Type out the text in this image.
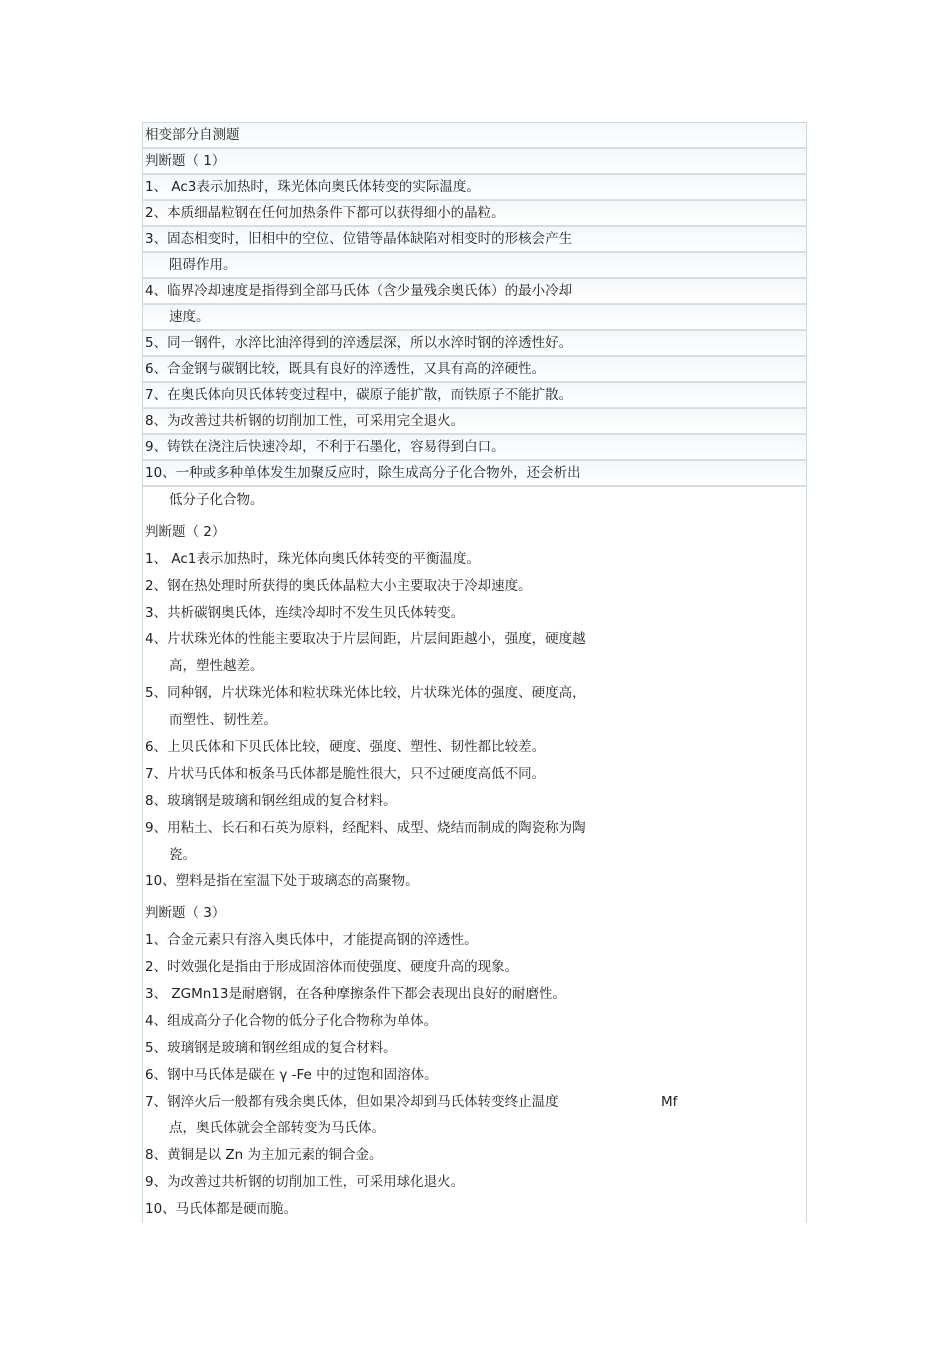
相变部分自测题
判断题（ 1）
1、 Ac3表示加热时，珠光体向奥氏体转变的实际温度。
2、本质细晶粒钢在任何加热条件下都可以获得细小的晶粒。
3、固态相变时，旧相中的空位、位错等晶体缺陷对相变时的形核会产生
阻碍作用。
4、临界冷却速度是指得到全部马氏体（含少量残余奥氏体）的最小冷却
速度。
5、同一钢件，水淬比油淬得到的淬透层深，所以水淬时钢的淬透性好。
6、合金钢与碳钢比较，既具有良好的淬透性，又具有高的淬硬性。
7、在奥氏体向贝氏体转变过程中，碳原子能扩散，而铁原子不能扩散。
8、为改善过共析钢的切削加工性，可采用完全退火。
9、铸铁在浇注后快速冷却，不利于石墨化，容易得到白口。
10、一种或多种单体发生加聚反应时，除生成高分子化合物外，还会析出
低分子化合物。
判断题（ 2）
1、 Ac1表示加热时，珠光体向奥氏体转变的平衡温度。
2、钢在热处理时所获得的奥氏体晶粒大小主要取决于冷却速度。
3、共析碳钢奥氏体，连续冷却时不发生贝氏体转变。
4、片状珠光体的性能主要取决于片层间距，片层间距越小，强度，硬度越
高，塑性越差。
5、同种钢，片状珠光体和粒状珠光体比较，片状珠光体的强度、硬度高，
而塑性、韧性差。
6、上贝氏体和下贝氏体比较，硬度、强度、塑性、韧性都比较差。
7、片状马氏体和板条马氏体都是脆性很大，只不过硬度高低不同。
8、玻璃钢是玻璃和钢丝组成的复合材料。
9、用粘土、长石和石英为原料，经配料、成型、烧结而制成的陶瓷称为陶
瓷。
10、塑料是指在室温下处于玻璃态的高聚物。
判断题（ 3）
1、合金元素只有溶入奥氏体中，才能提高钢的淬透性。
2、时效强化是指由于形成固溶体而使强度、硬度升高的现象。
3、 ZGMn13是耐磨钢，在各种摩擦条件下都会表现出良好的耐磨性。
4、组成高分子化合物的低分子化合物称为单体。
5、玻璃钢是玻璃和钢丝组成的复合材料。
6、钢中马氏体是碳在 γ -Fe 中的过饱和固溶体。
7、钢淬火后一般都有残余奥氏体，但如果冷却到马氏体转变终止温度	Mf
点，奥氏体就会全部转变为马氏体。
8、黄铜是以 Zn 为主加元素的铜合金。
9、为改善过共析钢的切削加工性，可采用球化退火。
10、马氏体都是硬而脆。
